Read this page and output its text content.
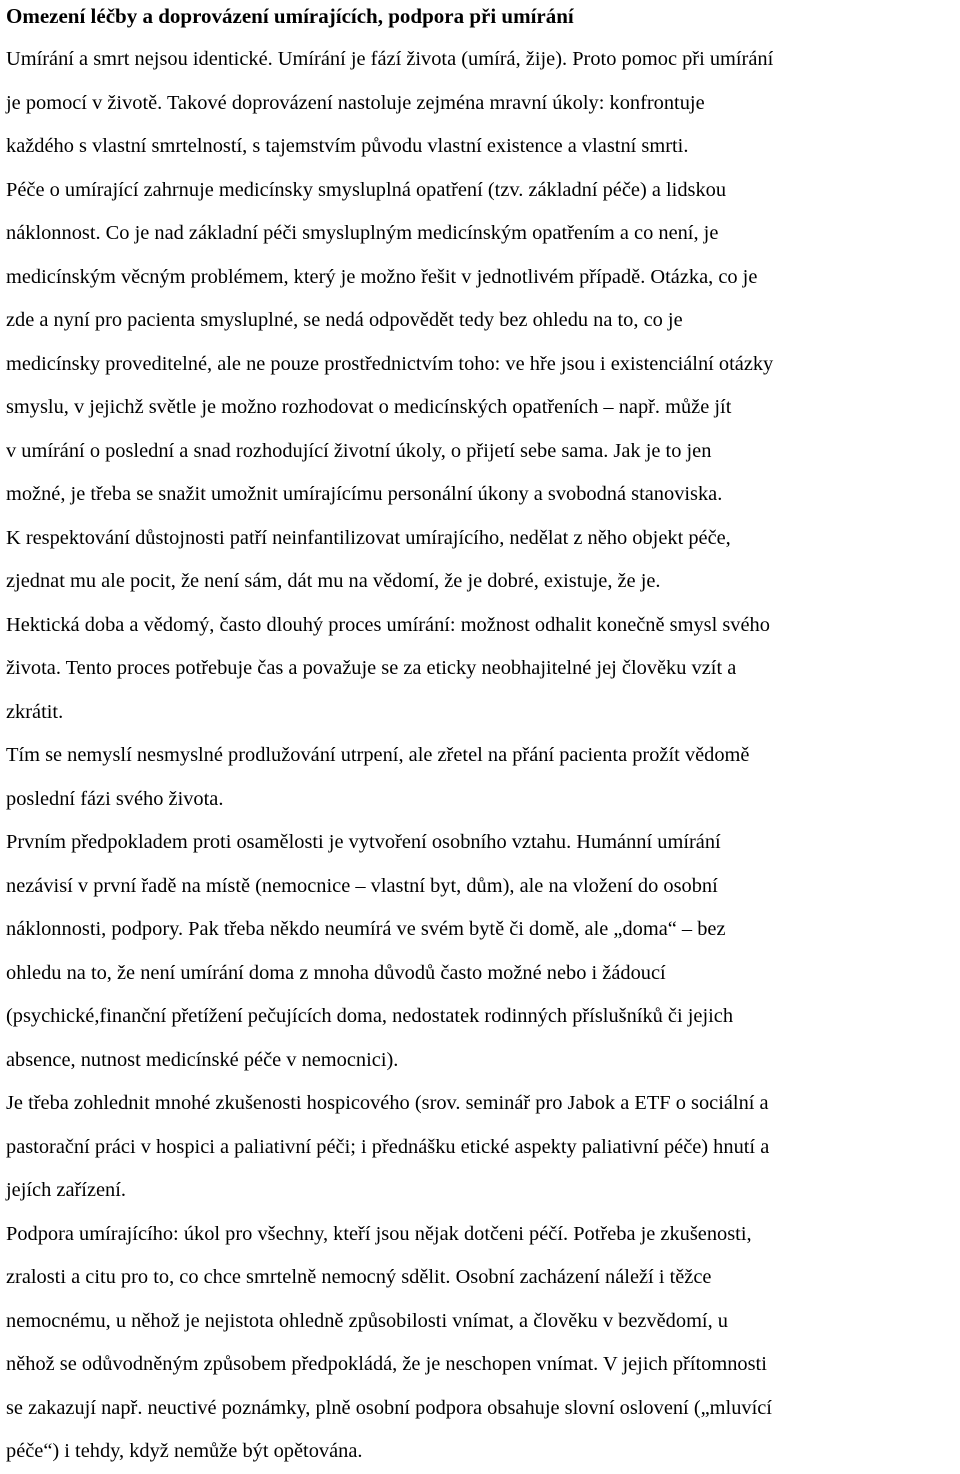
Omezení léčby a doprovázení umírajících, podpora při umírání
Umírání a smrt nejsou identické. Umírání je fází života (umírá, žije). Proto pomoc při umírání
je pomocí v životě. Takové doprovázení nastoluje zejména mravní úkoly: konfrontuje
každého s vlastní smrtelností, s tajemstvím původu vlastní existence a vlastní smrti.
Péče o umírající zahrnuje medicínsky smysluplná opatření (tzv. základní péče) a lidskou
náklonnost. Co je nad základní péči smysluplným medicínským opatřením a co není, je
medicínským věcným problémem, který je možno řešit v jednotlivém případě. Otázka, co je
zde a nyní pro pacienta smysluplné, se nedá odpovědět tedy bez ohledu na to, co je
medicínsky proveditelné, ale ne pouze prostřednictvím toho: ve hře jsou i existenciální otázky
smyslu, v jejichž světle je možno rozhodovat o medicínských opatřeních – např. může jít
v umírání o poslední a snad rozhodující životní úkoly, o přijetí sebe sama. Jak je to jen
možné, je třeba se snažit umožnit umírajícímu personální úkony a svobodná stanoviska.
K respektování důstojnosti patří neinfantilizovat umírajícího, nedělat z něho objekt péče,
zjednat mu ale pocit, že není sám, dát mu na vědomí, že je dobré, existuje, že je.
Hektická doba a vědomý, často dlouhý proces umírání: možnost odhalit konečně smysl svého
života. Tento proces potřebuje čas a považuje se za eticky neobhajitelné jej člověku vzít a
zkrátit.
Tím se nemyslí nesmyslné prodlužování utrpení, ale zřetel na přání pacienta prožít vědomě
poslední fázi svého života.
Prvním předpokladem proti osamělosti je vytvoření osobního vztahu. Humánní umírání
nezávisí v první řadě na místě (nemocnice – vlastní byt, dům), ale na vložení do osobní
náklonnosti, podpory. Pak třeba někdo neumírá ve svém bytě či domě, ale „doma“ – bez
ohledu na to, že není umírání doma z mnoha důvodů často možné nebo i žádoucí
(psychické,finanční přetížení pečujících doma, nedostatek rodinných příslušníků či jejich
absence, nutnost medicínské péče v nemocnici).
Je třeba zohlednit mnohé zkušenosti hospicového (srov. seminář pro Jabok a ETF o sociální a
pastorační práci v hospici a paliativní péči; i přednášku etické aspekty paliativní péče) hnutí a
jejích zařízení.
Podpora umírajícího: úkol pro všechny, kteří jsou nějak dotčeni péčí. Potřeba je zkušenosti,
zralosti a citu pro to, co chce smrtelně nemocný sdělit. Osobní zacházení náleží i těžce
nemocnému, u něhož je nejistota ohledně způsobilosti vnímat, a člověku v bezvědomí, u
něhož se odůvodněným způsobem předpokládá, že je neschopen vnímat. V jejich přítomnosti
se zakazují např. neuctivé poznámky, plně osobní podpora obsahuje slovní oslovení („mluvící
péče“) i tehdy, když nemůže být opětována.
